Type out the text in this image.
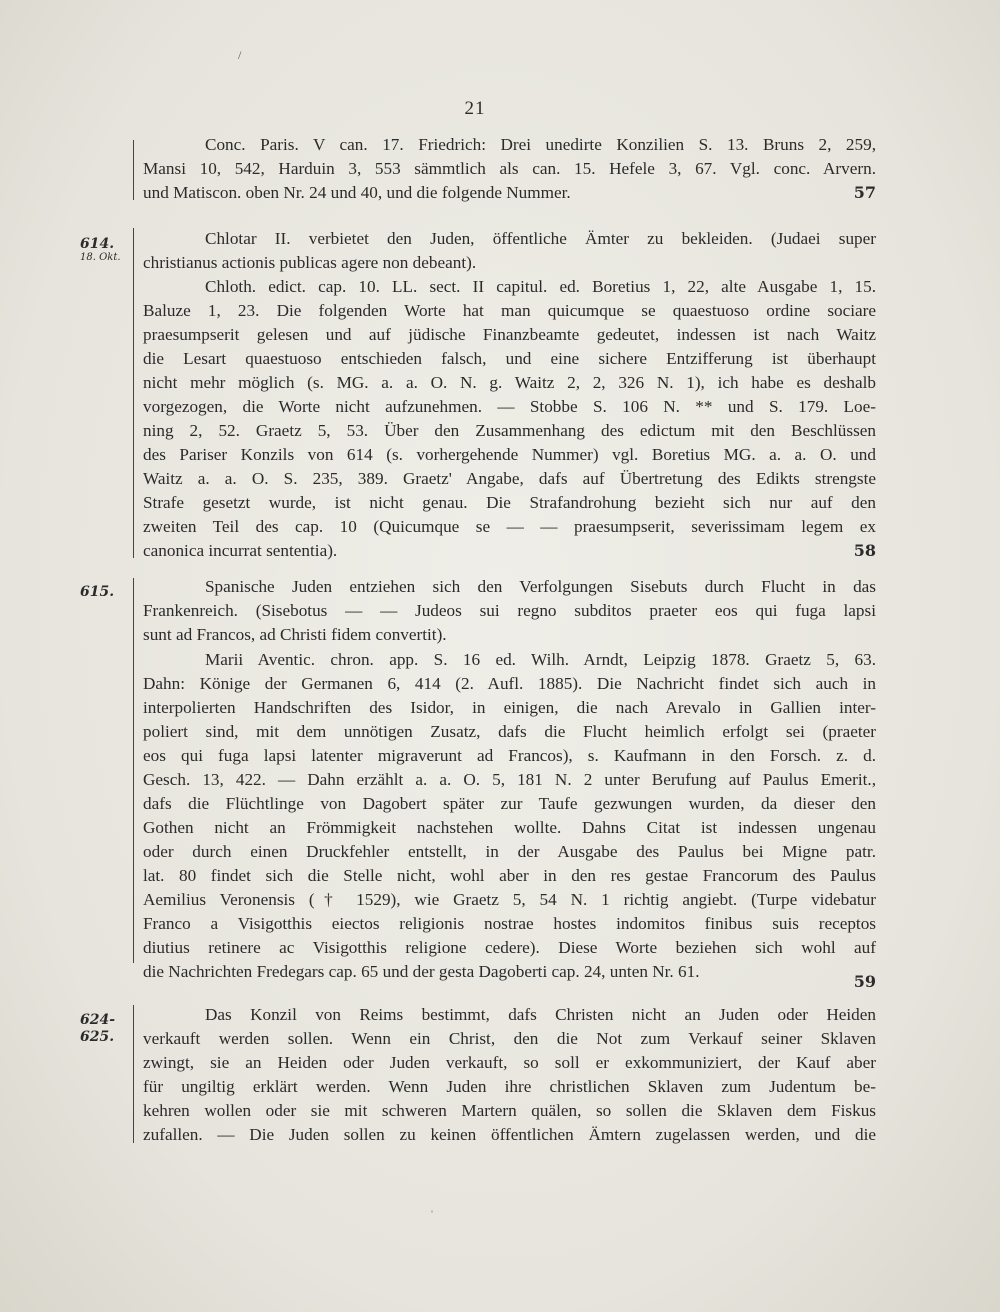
21
614.
18. Okt.
615.
624-
625.
Conc. Paris. V can. 17. Friedrich: Drei unedirte Konzilien S. 13. Bruns 2, 259,
Mansi 10, 542, Harduin 3, 553 sämmtlich als can. 15. Hefele 3, 67. Vgl. conc. Arvern.
und Matiscon. oben Nr. 24 und 40, und die folgende Nummer.	57
Chlotar II. verbietet den Juden, öffentliche Ämter zu bekleiden. (Judaei super
christianus actionis publicas agere non debeant).
Chloth. edict. cap. 10. LL. sect. II capitul. ed. Boretius 1, 22, alte Ausgabe 1, 15.
Baluze 1, 23. Die folgenden Worte hat man quicumque se quaestuoso ordine sociare
praesumpserit gelesen und auf jüdische Finanzbeamte gedeutet, indessen ist nach Waitz
die Lesart quaestuoso entschieden falsch, und eine sichere Entzifferung ist überhaupt
nicht mehr möglich (s. MG. a. a. O. N. g. Waitz 2, 2, 326 N. 1), ich habe es deshalb
vorgezogen, die Worte nicht aufzunehmen. — Stobbe S. 106 N. ** und S. 179. Loe-
ning 2, 52. Graetz 5, 53. Über den Zusammenhang des edictum mit den Beschlüssen
des Pariser Konzils von 614 (s. vorhergehende Nummer) vgl. Boretius MG. a. a. O. und
Waitz a. a. O. S. 235, 389. Graetz' Angabe, dafs auf Übertretung des Edikts strengste
Strafe gesetzt wurde, ist nicht genau. Die Strafandrohung bezieht sich nur auf den
zweiten Teil des cap. 10 (Quicumque se — — praesumpserit, severissimam legem ex
canonica incurrat sententia).	58
Spanische Juden entziehen sich den Verfolgungen Sisebuts durch Flucht in das
Frankenreich. (Sisebotus — — Judeos sui regno subditos praeter eos qui fuga lapsi
sunt ad Francos, ad Christi fidem convertit).
Marii Aventic. chron. app. S. 16 ed. Wilh. Arndt, Leipzig 1878. Graetz 5, 63.
Dahn: Könige der Germanen 6, 414 (2. Aufl. 1885). Die Nachricht findet sich auch in
interpolierten Handschriften des Isidor, in einigen, die nach Arevalo in Gallien inter-
poliert sind, mit dem unnötigen Zusatz, dafs die Flucht heimlich erfolgt sei (praeter
eos qui fuga lapsi latenter migraverunt ad Francos), s. Kaufmann in den Forsch. z. d.
Gesch. 13, 422. — Dahn erzählt a. a. O. 5, 181 N. 2 unter Berufung auf Paulus Emerit.,
dafs die Flüchtlinge von Dagobert später zur Taufe gezwungen wurden, da dieser den
Gothen nicht an Frömmigkeit nachstehen wollte. Dahns Citat ist indessen ungenau
oder durch einen Druckfehler entstellt, in der Ausgabe des Paulus bei Migne patr.
lat. 80 findet sich die Stelle nicht, wohl aber in den res gestae Francorum des Paulus
Aemilius Veronensis († 1529), wie Graetz 5, 54 N. 1 richtig angiebt. (Turpe videbatur
Franco a Visigotthis eiectos religionis nostrae hostes indomitos finibus suis receptos
diutius retinere ac Visigotthis religione cedere). Diese Worte beziehen sich wohl auf
die Nachrichten Fredegars cap. 65 und der gesta Dagoberti cap. 24, unten Nr. 61.
Das Konzil von Reims bestimmt, dafs Christen nicht an Juden oder Heiden
verkauft werden sollen. Wenn ein Christ, den die Not zum Verkauf seiner Sklaven
zwingt, sie an Heiden oder Juden verkauft, so soll er exkommuniziert, der Kauf aber
für ungiltig erklärt werden. Wenn Juden ihre christlichen Sklaven zum Judentum be-
kehren wollen oder sie mit schweren Martern quälen, so sollen die Sklaven dem Fiskus
zufallen. — Die Juden sollen zu keinen öffentlichen Ämtern zugelassen werden, und die
59
/
ˈ
